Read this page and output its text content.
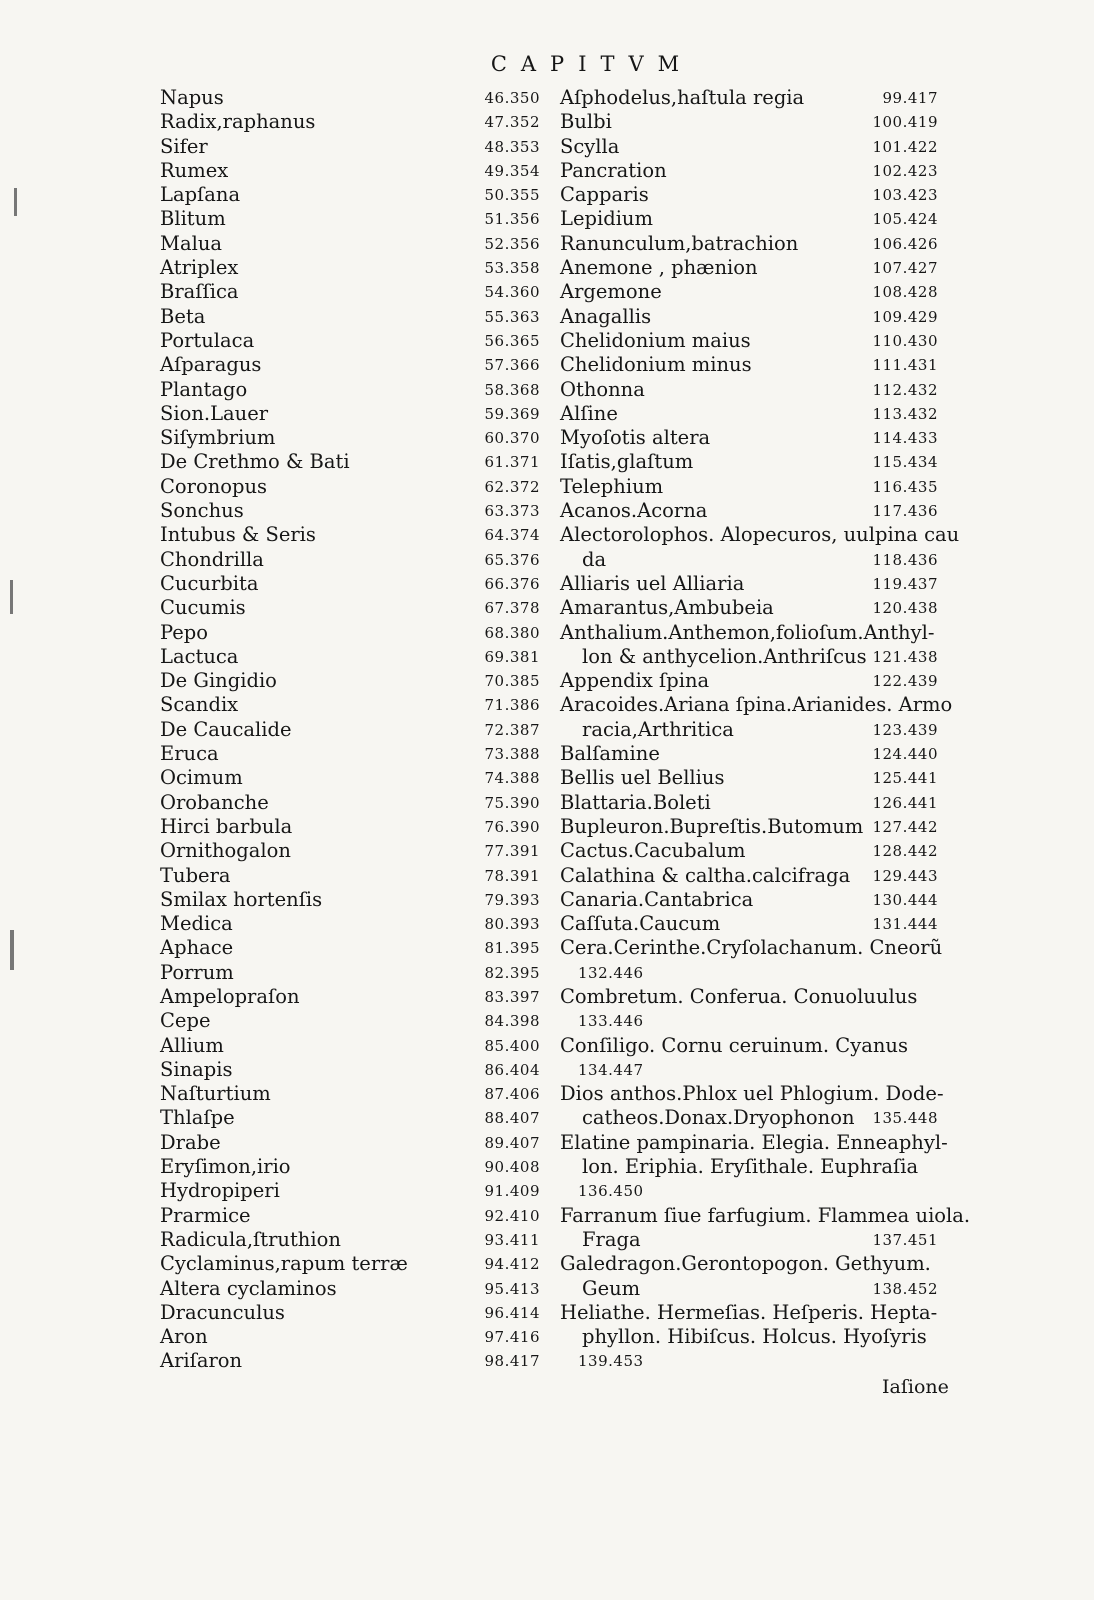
CAPITVM
Napus	46.350
Radix,raphanus	47.352
Sifer	48.353
Rumex	49.354
Lapſana	50.355
Blitum	51.356
Malua	52.356
Atriplex	53.358
Braſſica	54.360
Beta	55.363
Portulaca	56.365
Aſparagus	57.366
Plantago	58.368
Sion.Lauer	59.369
Siſymbrium	60.370
De Crethmo & Bati	61.371
Coronopus	62.372
Sonchus	63.373
Intubus & Seris	64.374
Chondrilla	65.376
Cucurbita	66.376
Cucumis	67.378
Pepo	68.380
Lactuca	69.381
De Gingidio	70.385
Scandix	71.386
De Caucalide	72.387
Eruca	73.388
Ocimum	74.388
Orobanche	75.390
Hirci barbula	76.390
Ornithogalon	77.391
Tubera	78.391
Smilax hortenſis	79.393
Medica	80.393
Aphace	81.395
Porrum	82.395
Ampelopraſon	83.397
Cepe	84.398
Allium	85.400
Sinapis	86.404
Naſturtium	87.406
Thlaſpe	88.407
Drabe	89.407
Eryſimon,irio	90.408
Hydropiperi	91.409
Prarmice	92.410
Radicula,ſtruthion	93.411
Cyclaminus,rapum terræ	94.412
Altera cyclaminos	95.413
Dracunculus	96.414
Aron	97.416
Ariſaron	98.417
Aſphodelus,haſtula regia	99.417
Bulbi	100.419
Scylla	101.422
Pancration	102.423
Capparis	103.423
Lepidium	105.424
Ranunculum,batrachion	106.426
Anemone , phænion	107.427
Argemone	108.428
Anagallis	109.429
Chelidonium maius	110.430
Chelidonium minus	111.431
Othonna	112.432
Alſine	113.432
Myoſotis altera	114.433
Iſatis,glaſtum	115.434
Telephium	116.435
Acanos.Acorna	117.436
Alectorolophos. Alopecuros, uulpina cau
da	118.436
Alliaris uel Alliaria	119.437
Amarantus,Ambubeia	120.438
Anthalium.Anthemon,folioſum.Anthyl-
lon & anthycelion.Anthriſcus 121.438
Appendix ſpina	122.439
Aracoides.Ariana ſpina.Arianides. Armo
racia,Arthritica	123.439
Balſamine	124.440
Bellis uel Bellius	125.441
Blattaria.Boleti	126.441
Bupleuron.Bupreſtis.Butomum 127.442
Cactus.Cacubalum	128.442
Calathina & caltha.calcifraga 129.443
Canaria.Cantabrica	130.444
Caſſuta.Caucum	131.444
Cera.Cerinthe.Cryſolachanum. Cneorũ
132.446
Combretum. Conferua. Conuoluulus
133.446
Conſiligo. Cornu ceruinum. Cyanus
134.447
Dios anthos.Phlox uel Phlogium. Dode-
catheos.Donax.Dryophonon 135.448
Elatine pampinaria. Elegia. Enneaphyl-
lon. Eriphia. Eryſithale. Euphraſia
136.450
Farranum ſiue farfugium. Flammea uiola.
Fraga	137.451
Galedragon.Gerontopogon. Gethyum.
Geum	138.452
Heliathe. Hermeſias. Heſperis. Hepta-
phyllon. Hibiſcus. Holcus. Hyoſyris
139.453
Iaſione
